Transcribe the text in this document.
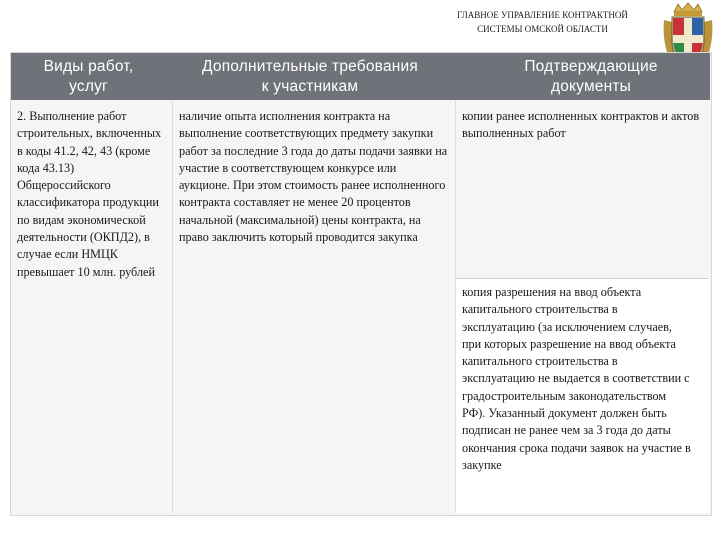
ГЛАВНОЕ УПРАВЛЕНИЕ КОНТРАКТНОЙ
СИСТЕМЫ ОМСКОЙ ОБЛАСТИ
Виды работ,
услуг
Дополнительные требования
к участникам
Подтверждающие
документы
2. Выполнение работ строительных, включенных в коды 41.2, 42, 43 (кроме кода 43.13) Общероссийского классификатора продукции по видам экономической деятельности (ОКПД2), в случае если НМЦК превышает 10 млн. рублей
наличие опыта исполнения контракта на выполнение соответствующих предмету закупки работ за последние 3 года до даты подачи заявки на участие в соответствующем конкурсе или аукционе. При этом стоимость ранее исполненного контракта составляет не менее 20 процентов начальной (максимальной) цены контракта, на право заключить который проводится закупка
копии ранее исполненных контрактов и актов выполненных работ
копия разрешения на ввод объекта капитального строительства в эксплуатацию (за исключением случаев, при которых разрешение на ввод объекта капитального строительства в эксплуатацию не выдается в соответствии с градостроительным законодательством РФ). Указанный документ должен быть подписан не ранее чем за 3 года до даты окончания срока подачи заявок на участие в закупке
